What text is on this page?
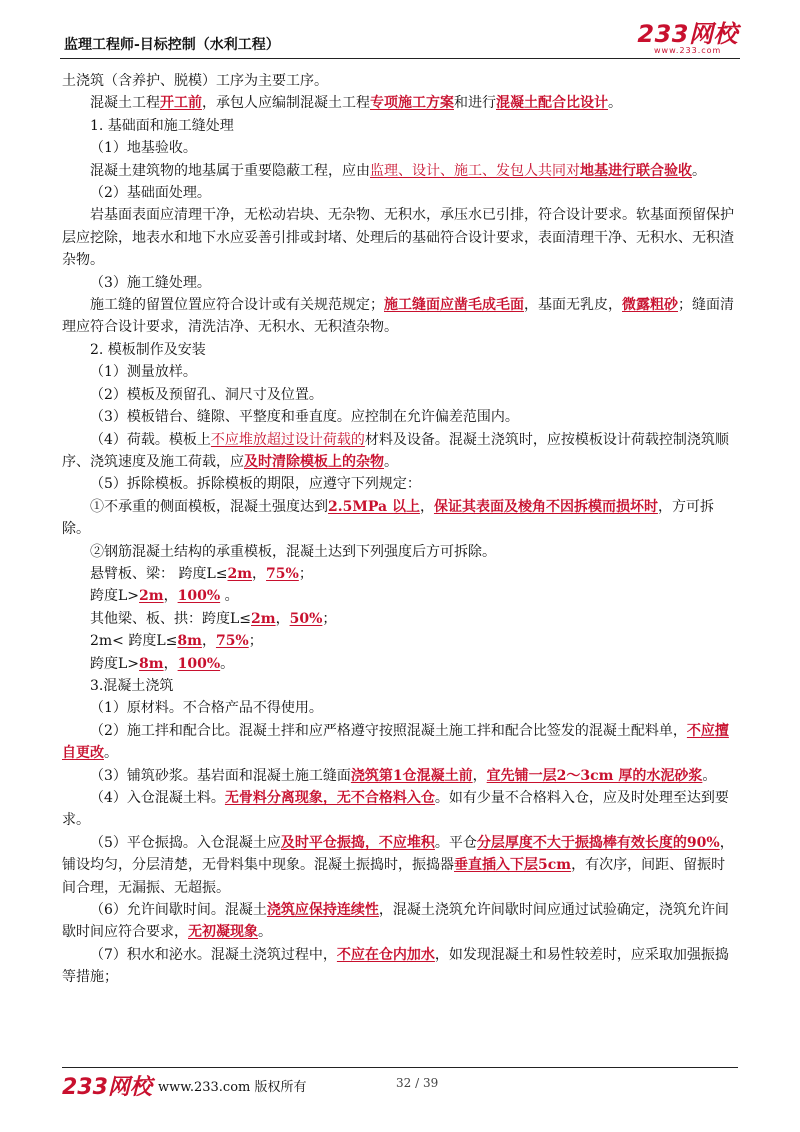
监理工程师-目标控制（水利工程）	233网校
www.233.com

土浇筑（含养护、脱模）工序为主要工序。

混凝土工程开工前，承包人应编制混凝土工程专项施工方案和进行混凝土配合比设计。

1. 基础面和施工缝处理

（1）地基验收。

混凝土建筑物的地基属于重要隐蔽工程，应由监理、设计、施工、发包人共同对地基进行联合验收。

（2）基础面处理。

岩基面表面应清理干净，无松动岩块、无杂物、无积水，承压水已引排，符合设计要求。软基面预留保护层应挖除，地表水和地下水应妥善引排或封堵、处理后的基础符合设计要求，表面清理干净、无积水、无积渣杂物。

（3）施工缝处理。

施工缝的留置位置应符合设计或有关规范规定；施工缝面应凿毛成毛面，基面无乳皮，微露粗砂；缝面清理应符合设计要求，清洗洁净、无积水、无积渣杂物。

2. 模板制作及安装

（1）测量放样。

（2）模板及预留孔、洞尺寸及位置。

（3）模板错台、缝隙、平整度和垂直度。应控制在允许偏差范围内。

（4）荷载。模板上不应堆放超过设计荷载的材料及设备。混凝土浇筑时，应按模板设计荷载控制浇筑顺序、浇筑速度及施工荷载，应及时清除模板上的杂物。

（5）拆除模板。拆除模板的期限，应遵守下列规定：

①不承重的侧面模板，混凝土强度达到2.5MPa 以上，保证其表面及棱角不因拆模而损坏时，方可拆除。

②钢筋混凝土结构的承重模板，混凝土达到下列强度后方可拆除。

悬臂板、梁： 跨度L≤2m，75%；

跨度L>2m，100% 。

其他梁、板、拱：跨度L≤2m，50%；

2m< 跨度L≤8m，75%；

跨度L>8m，100%。

3.混凝土浇筑

（1）原材料。不合格产品不得使用。

（2）施工拌和配合比。混凝土拌和应严格遵守按照混凝土施工拌和配合比签发的混凝土配料单，不应擅自更改。

（3）铺筑砂浆。基岩面和混凝土施工缝面浇筑第1仓混凝土前，宜先铺一层2～3cm 厚的水泥砂浆。

（4）入仓混凝土料。无骨料分离现象，无不合格料入仓。如有少量不合格料入仓，应及时处理至达到要求。

（5）平仓振捣。入仓混凝土应及时平仓振捣，不应堆积。平仓分层厚度不大于振捣棒有效长度的90%，铺设均匀，分层清楚，无骨料集中现象。混凝土振捣时，振捣器垂直插入下层5cm，有次序，间距、留振时间合理，无漏振、无超振。

（6）允许间歇时间。混凝土浇筑应保持连续性，混凝土浇筑允许间歇时间应通过试验确定，浇筑允许间歇时间应符合要求，无初凝现象。

（7）积水和泌水。混凝土浇筑过程中，不应在仓内加水，如发现混凝土和易性较差时，应采取加强振捣等措施；

233网校 www.233.com 版权所有	32 / 39
